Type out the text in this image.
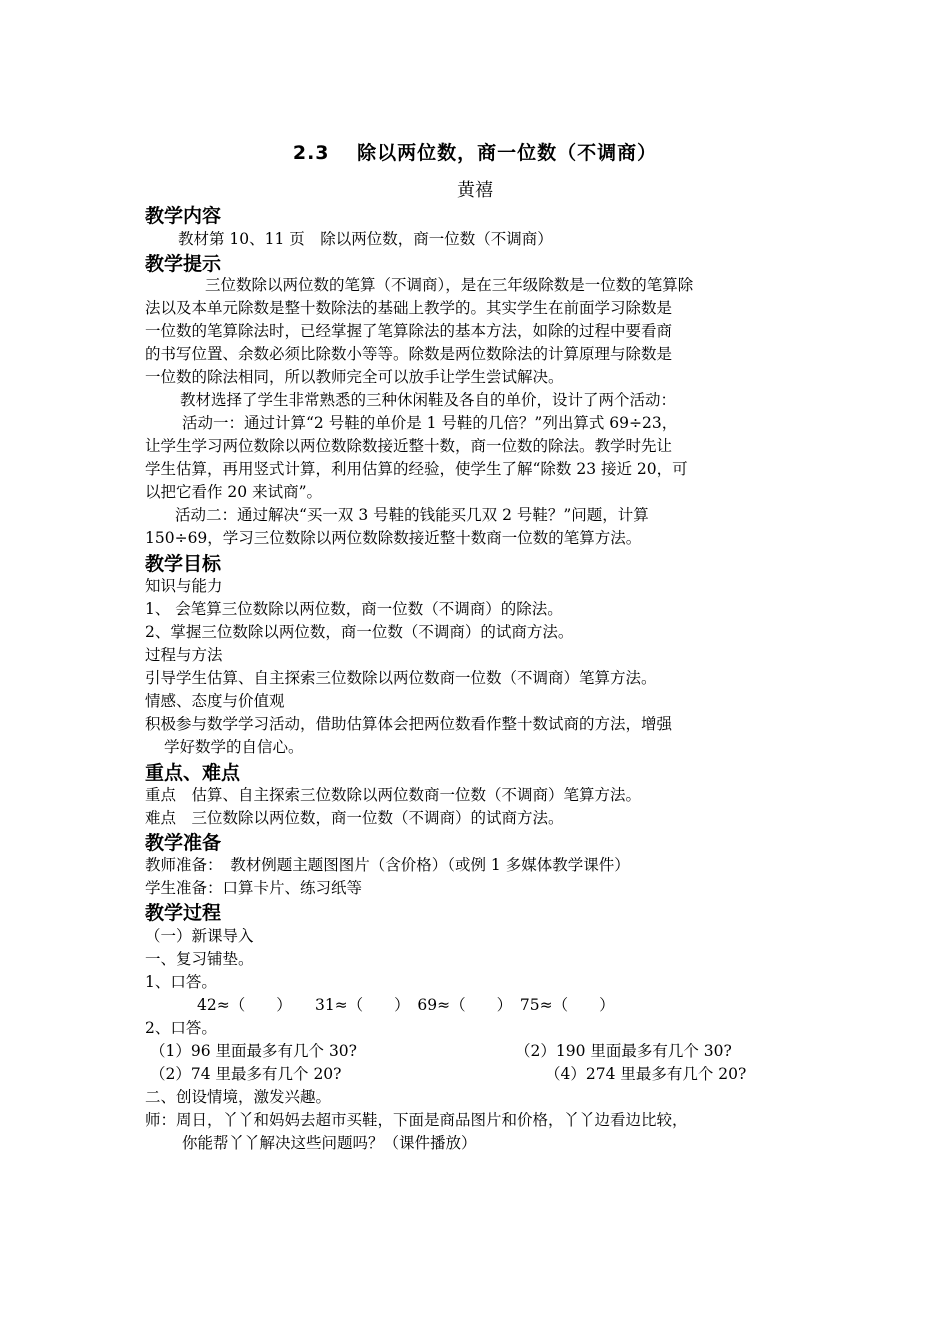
2.3　 除以两位数，商一位数（不调商）
黄禧
教学内容
教材第 10、11 页　除以两位数，商一位数（不调商）
教学提示
三位数除以两位数的笔算（不调商），是在三年级除数是一位数的笔算除
法以及本单元除数是整十数除法的基础上教学的。其实学生在前面学习除数是
一位数的笔算除法时，已经掌握了笔算除法的基本方法，如除的过程中要看商
的书写位置、余数必须比除数小等等。除数是两位数除法的计算原理与除数是
一位数的除法相同，所以教师完全可以放手让学生尝试解决。
教材选择了学生非常熟悉的三种休闲鞋及各自的单价，设计了两个活动：
活动一：通过计算“2 号鞋的单价是 1 号鞋的几倍？”列出算式 69÷23，
让学生学习两位数除以两位数除数接近整十数，商一位数的除法。教学时先让
学生估算，再用竖式计算，利用估算的经验，使学生了解“除数 23 接近 20，可
以把它看作 20 来试商”。
活动二：通过解决“买一双 3 号鞋的钱能买几双 2 号鞋？”问题，计算
150÷69，学习三位数除以两位数除数接近整十数商一位数的笔算方法。
教学目标
知识与能力
1、 会笔算三位数除以两位数，商一位数（不调商）的除法。
2、掌握三位数除以两位数，商一位数（不调商）的试商方法。
过程与方法
引导学生估算、自主探索三位数除以两位数商一位数（不调商）笔算方法。
情感、态度与价值观
积极参与数学学习活动，借助估算体会把两位数看作整十数试商的方法，增强
学好数学的自信心。
重点、难点
重点　估算、自主探索三位数除以两位数商一位数（不调商）笔算方法。
难点　三位数除以两位数，商一位数（不调商）的试商方法。
教学准备
教师准备：　教材例题主题图图片（含价格）（或例 1 多媒体教学课件）
学生准备：口算卡片、练习纸等
教学过程
（一）新课导入
一、复习铺垫。
1、口答。
42≈（　　）　　31≈（　　）　69≈（　　）　75≈（　　）
2、口答。
（1）96 里面最多有几个 30?	（2）190 里面最多有几个 30?
（2）74 里最多有几个 20?	（4）274 里最多有几个 20?
二、创设情境，激发兴趣。
师：周日，丫丫和妈妈去超市买鞋，下面是商品图片和价格，丫丫边看边比较，
你能帮丫丫解决这些问题吗？（课件播放）
